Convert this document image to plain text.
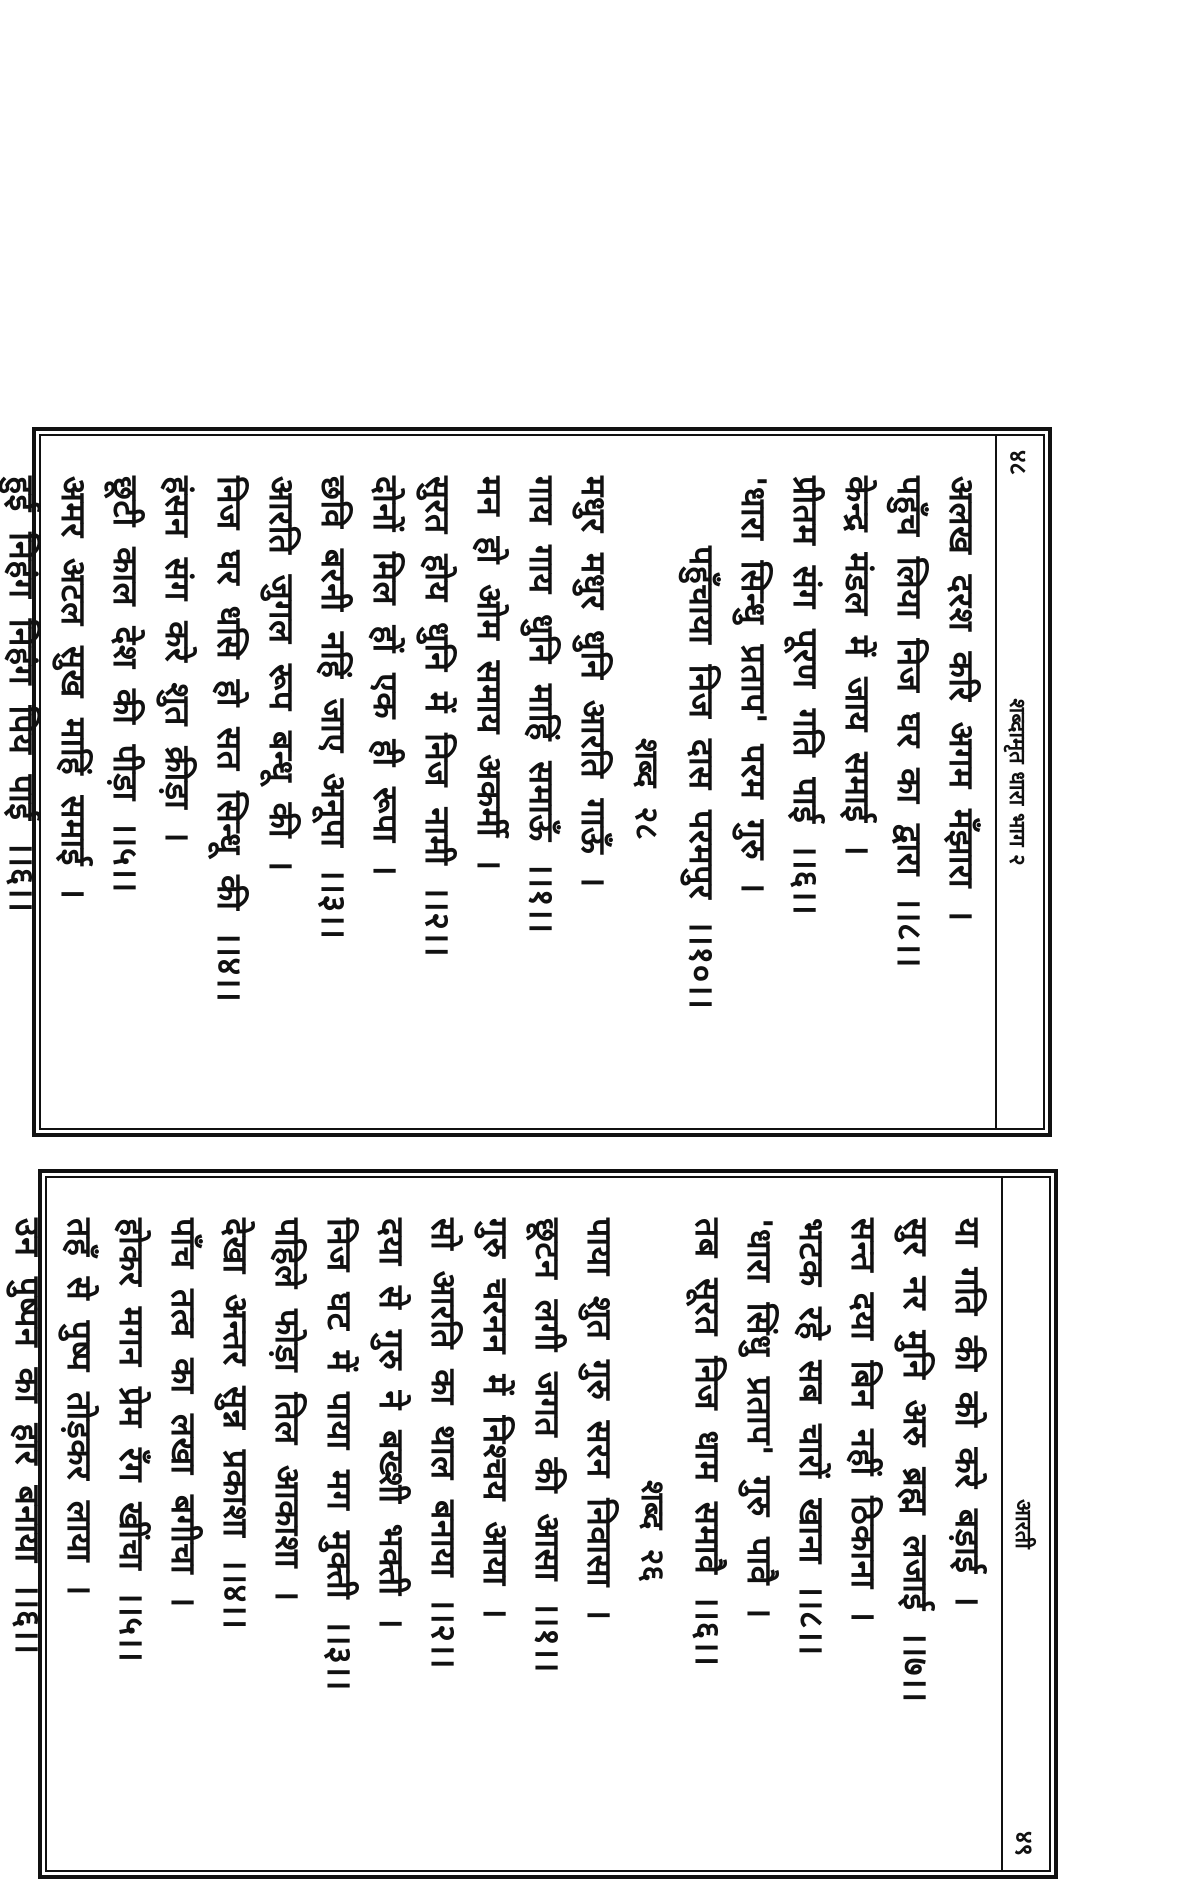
४८
शब्दामृत धारा भाग २
अलख दरश करि अगम मँझारा ।
पहुँच लिया निज घर का द्वारा ।।८।।
केन्द्र मंडल में जाय समाई ।
प्रीतम संग पूरण गति पाई ।।६।।
'धारा सिन्धु प्रताप' परम गुरु ।
पहुँचाया निज दास परमपुर ।।१०।।
शब्द २८
मधुर मधुर धुनि आरति गाऊँ ।
गाय गाय धुनि माहिं समाऊँ ।।१।।
मन हो ओम समाय अकर्मी ।
सुरत होय धुनि में निज नामी ।।२।।
दोनों मिल हों एक ही रूपा ।
छवि बरनी नहिं जाए अनूपा ।।३।।
आरति जुगल रूप बन्धू की ।
निज घर धसि हो सत सिन्धू की ।।४।।
हंसन संग करे शुत क्रीड़ा ।
छूटी काल देश की पीड़ा ।।५।।
अमर अटल सुख माहिं समाई ।
हुई निहंग निहंग पिय पाई ।।६।।
आरती
४९
या गति की को करे बड़ाई ।
सुर नर मुनि अरु ब्रह्म लजाई ।।७।।
सन्त दया बिन नहीं ठिकाना ।
भटक रहे सब चारों खाना ।।८।।
'धारा सिंधु प्रताप' गुरु पावै ।
तब सूरत निज धाम समावै ।।६।।
शब्द २६
पाया शुत गुरु सरन निवासा ।
छूटन लगी जगत की आसा ।।१।।
गुरु चरनन में निश्चय आया ।
सो आरति का थाल बनाया ।।२।।
दया से गुरु ने बख्शी भक्ती ।
निज घट में पाया मग मुक्ती ।।३।।
पहिले फोड़ा तिल आकाशा ।
देखा अन्तर सुन्न प्रकाशा ।।४।।
पाँच तत्व का लखा बगीचा ।
होकर मगन प्रेम रँग खींचा ।।५।।
तहँ से पुष्प तोड़कर लाया ।
उन पुष्पन का हार बनाया ।।६।।
